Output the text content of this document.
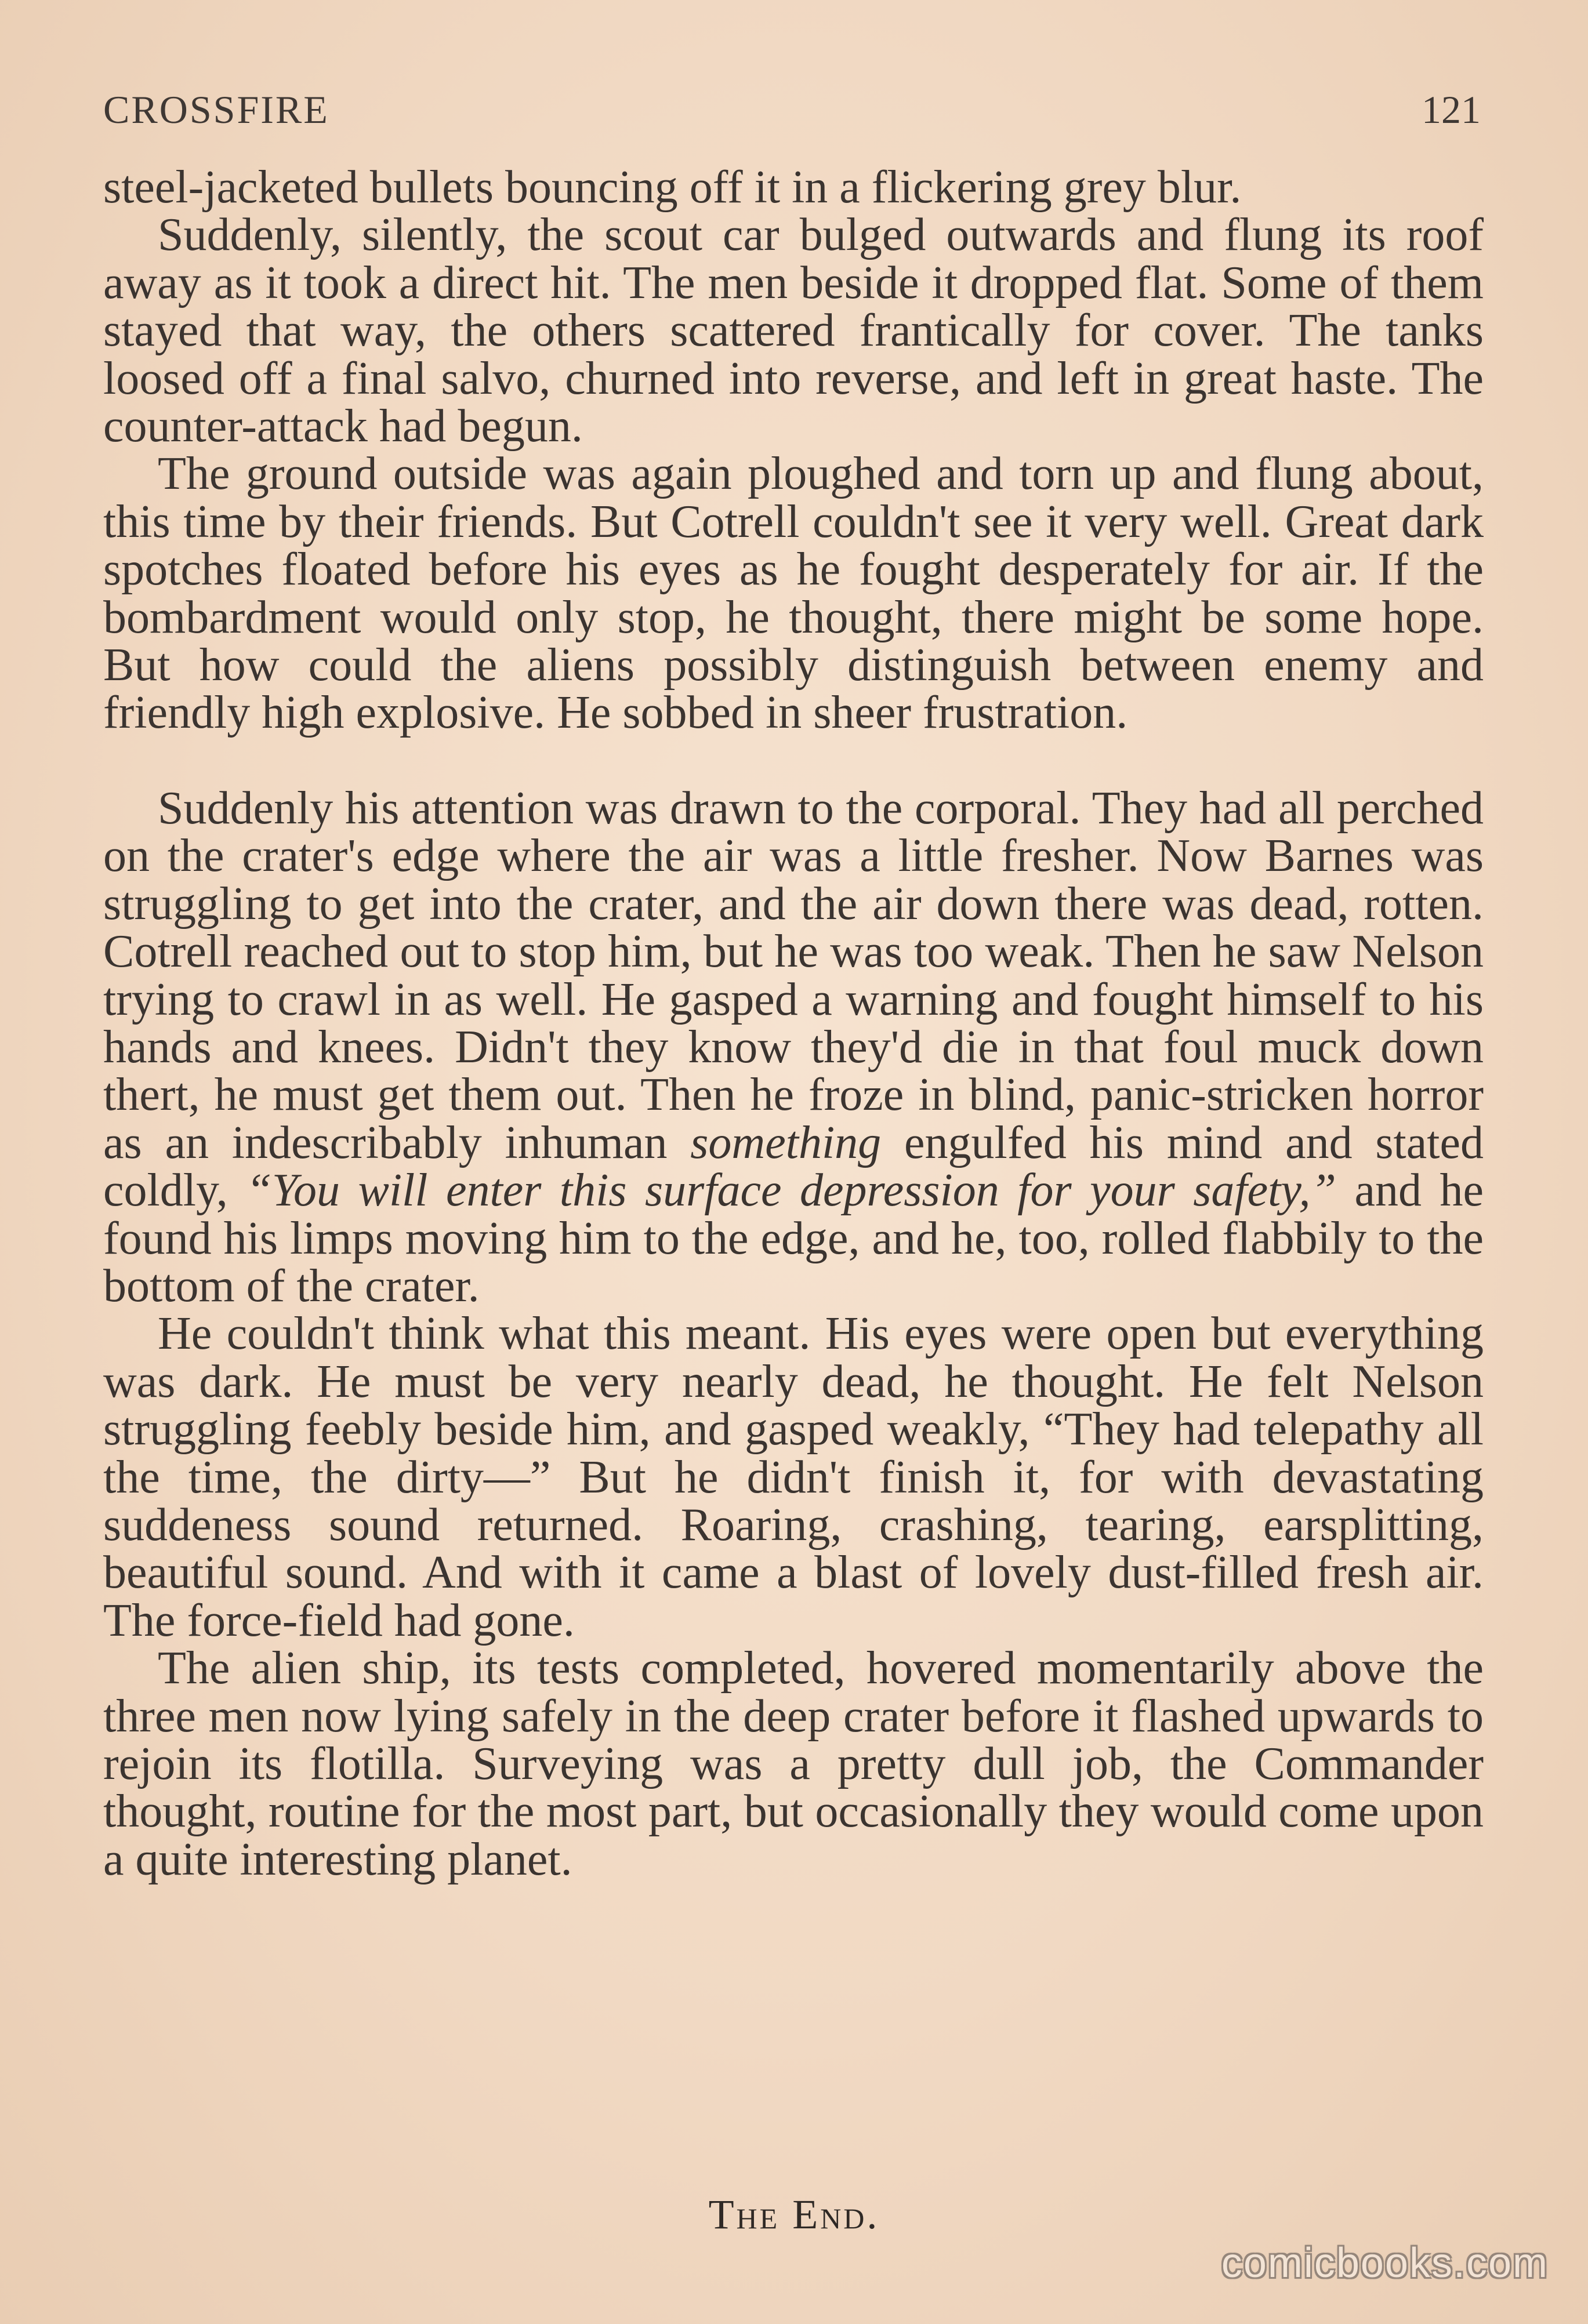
CROSSFIRE	121

steel-jacketed bullets bouncing off it in a flickering grey blur.

Suddenly, silently, the scout car bulged outwards and flung its roof away as it took a direct hit. The men beside it dropped flat. Some of them stayed that way, the others scattered frantically for cover. The tanks loosed off a final salvo, churned into reverse, and left in great haste. The counter-attack had begun.

The ground outside was again ploughed and torn up and flung about, this time by their friends. But Cotrell couldn't see it very well. Great dark spotches floated before his eyes as he fought desperately for air. If the bombardment would only stop, he thought, there might be some hope. But how could the aliens possibly distinguish between enemy and friendly high explosive. He sobbed in sheer frustration.

Suddenly his attention was drawn to the corporal. They had all perched on the crater's edge where the air was a little fresher. Now Barnes was struggling to get into the crater, and the air down there was dead, rotten. Cotrell reached out to stop him, but he was too weak. Then he saw Nelson trying to crawl in as well. He gasped a warning and fought himself to his hands and knees. Didn't they know they'd die in that foul muck down thert, he must get them out. Then he froze in blind, panic-stricken horror as an indescribably inhuman something engulfed his mind and stated coldly, “You will enter this surface depression for your safety,” and he found his limps moving him to the edge, and he, too, rolled flabbily to the bottom of the crater.

He couldn't think what this meant. His eyes were open but everything was dark. He must be very nearly dead, he thought. He felt Nelson struggling feebly beside him, and gasped weakly, “They had telepathy all the time, the dirty—” But he didn't finish it, for with devastating suddeness sound returned. Roaring, crashing, tearing, earsplitting, beautiful sound. And with it came a blast of lovely dust-filled fresh air. The force-field had gone.

The alien ship, its tests completed, hovered momentarily above the three men now lying safely in the deep crater before it flashed upwards to rejoin its flotilla. Surveying was a pretty dull job, the Commander thought, routine for the most part, but occasionally they would come upon a quite interesting planet.

The End.
comicbooks.com
